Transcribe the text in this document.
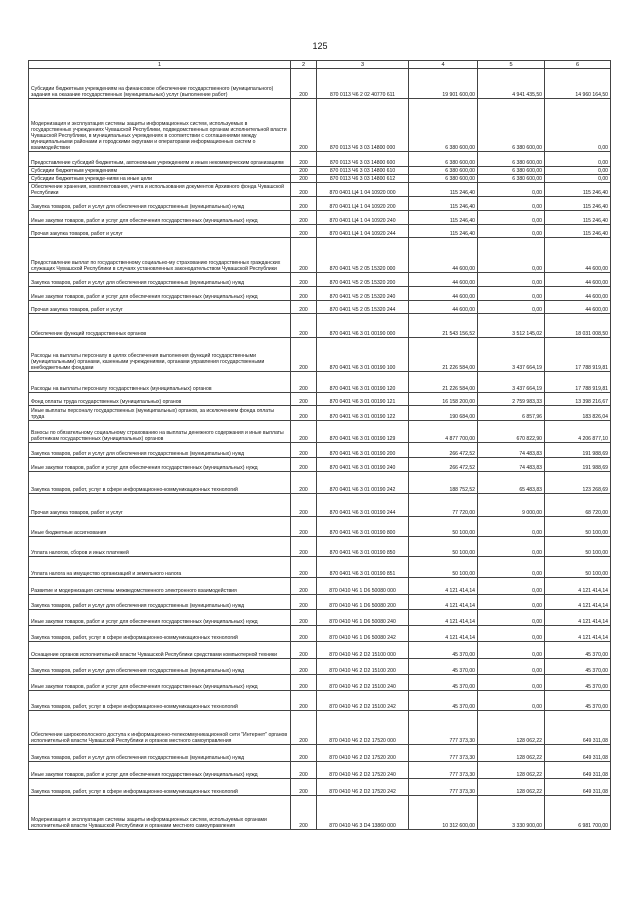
125
1	2	3	4	5	6
Субсидии бюджетным учреждениям на финансовое обеспечение государственного (муниципального) задания на оказание государственных (муниципальных) услуг (выполнение работ)	200	870 0113 Ч6 2 02 40770 611	19 901 600,00	4 941 435,50	14 960 164,50
Модернизация и эксплуатация системы защиты информационных систем, используемых в государственных учреждениях Чувашской Республики, подведомственных органам исполнительной власти Чувашской Республики, в муниципальных учреждениях в соответствии с соглашениями между муниципальными районами и городскими округами и операторами информационных систем о взаимодействии	200	870 0113 Ч6 3 03 14800 000	6 380 600,00	6 380 600,00	0,00
Предоставление субсидий бюджетным, автономным учреждениям и иным некоммерческим организациям	200	870 0113 Ч6 3 03 14800 600	6 380 600,00	6 380 600,00	0,00
Субсидии бюджетным учреждениям	200	870 0113 Ч6 3 03 14800 610	6 380 600,00	6 380 600,00	0,00
Субсидии бюджетным учрежде-ниям на иные цели	200	870 0113 Ч6 3 03 14800 612	6 380 600,00	6 380 600,00	0,00
Обеспечение хранения, комплектования, учета и использования документов Архивного фонда Чувашской Республики	200	870 0401 Ц4 1 04 10920 000	115 246,40	0,00	115 246,40
Закупка товаров, работ и услуг для обеспечения государственных (муниципальных) нужд	200	870 0401 Ц4 1 04 10920 200	115 246,40	0,00	115 246,40
Иные закупки товаров, работ и услуг для обеспечения государственных (муниципальных) нужд	200	870 0401 Ц4 1 04 10920 240	115 246,40	0,00	115 246,40
Прочая закупка товаров, работ и услуг	200	870 0401 Ц4 1 04 10920 244	115 246,40	0,00	115 246,40
Предоставление выплат по государственному социально-му страхованию государственных гражданских служащих Чувашской Республики в случаях установленных законодательством Чувашской Республики	200	870 0401 Ч5 2 05 15320 000	44 600,00	0,00	44 600,00
Закупка товаров, работ и услуг для обеспечения государственных (муниципальных) нужд	200	870 0401 Ч5 2 05 15320 200	44 600,00	0,00	44 600,00
Иные закупки товаров, работ и услуг для обеспечения государственных (муниципальных) нужд	200	870 0401 Ч5 2 05 15320 240	44 600,00	0,00	44 600,00
Прочая закупка товаров, работ и услуг	200	870 0401 Ч5 2 05 15320 244	44 600,00	0,00	44 600,00
Обеспечение функций государственных органов	200	870 0401 Ч6 3 01 00190 000	21 543 156,52	3 512 145,02	18 031 008,50
Расходы на выплаты персоналу в целях обеспечения выполнения функций государственными (муниципальными) органами, казенными учреждениями, органами управления государственными внебюджетными фондами	200	870 0401 Ч6 3 01 00190 100	21 226 584,00	3 437 664,19	17 788 919,81
Расходы на выплаты персоналу государственных (муниципальных) органов	200	870 0401 Ч6 3 01 00190 120	21 226 584,00	3 437 664,19	17 788 919,81
Фонд оплаты труда государственных (муниципальных) органов	200	870 0401 Ч6 3 01 00190 121	16 158 200,00	2 759 983,33	13 398 216,67
Иные выплаты персоналу государственных (муниципальных) органов, за исключением фонда оплаты труда	200	870 0401 Ч6 3 01 00190 122	190 684,00	6 857,96	183 826,04
Взносы по обязательному социальному страхованию на выплаты денежного содержания и иные выплаты работникам государственных (муниципальных) органов	200	870 0401 Ч6 3 01 00190 129	4 877 700,00	670 822,90	4 206 877,10
Закупка товаров, работ и услуг для обеспечения государственных (муниципальных) нужд	200	870 0401 Ч6 3 01 00190 200	266 472,52	74 483,83	191 988,69
Иные закупки товаров, работ и услуг для обеспечения государственных (муниципальных) нужд	200	870 0401 Ч6 3 01 00190 240	266 472,52	74 483,83	191 988,69
Закупка товаров, работ, услуг в сфере информационно-коммуникационных технологий	200	870 0401 Ч6 3 01 00190 242	188 752,52	65 483,83	123 268,69
Прочая закупка товаров, работ и услуг	200	870 0401 Ч6 3 01 00190 244	77 720,00	9 000,00	68 720,00
Иные бюджетные ассигнования	200	870 0401 Ч6 3 01 00190 800	50 100,00	0,00	50 100,00
Уплата налогов, сборов и иных платежей	200	870 0401 Ч6 3 01 00190 850	50 100,00	0,00	50 100,00
Уплата налога на имущество организаций и земельного налога	200	870 0401 Ч6 3 01 00190 851	50 100,00	0,00	50 100,00
Развитие и модернизация системы межведомственного электронного взаимодействия	200	870 0410 Ч6 1 D6 50080 000	4 121 414,14	0,00	4 121 414,14
Закупка товаров, работ и услуг для обеспечения государственных (муниципальных) нужд	200	870 0410 Ч6 1 D6 50080 200	4 121 414,14	0,00	4 121 414,14
Иные закупки товаров, работ и услуг для обеспечения государственных (муниципальных) нужд	200	870 0410 Ч6 1 D6 50080 240	4 121 414,14	0,00	4 121 414,14
Закупка товаров, работ, услуг в сфере информационно-коммуникационных технологий	200	870 0410 Ч6 1 D6 50080 242	4 121 414,14	0,00	4 121 414,14
Оснащение органов исполнительной власти Чувашской Республики средствами компьютерной техники	200	870 0410 Ч6 2 D2 15100 000	45 370,00	0,00	45 370,00
Закупка товаров, работ и услуг для обеспечения государственных (муниципальных) нужд	200	870 0410 Ч6 2 D2 15100 200	45 370,00	0,00	45 370,00
Иные закупки товаров, работ и услуг для обеспечения государственных (муниципальных) нужд	200	870 0410 Ч6 2 D2 15100 240	45 370,00	0,00	45 370,00
Закупка товаров, работ, услуг в сфере информационно-коммуникационных технологий	200	870 0410 Ч6 2 D2 15100 242	45 370,00	0,00	45 370,00
Обеспечение широкополосного доступа к информационно-телекоммуникационной сети "Интернет" органов исполнительной власти Чувашской Республики и органов местного самоуправления	200	870 0410 Ч6 2 D2 17520 000	777 373,30	128 062,22	649 311,08
Закупка товаров, работ и услуг для обеспечения государственных (муниципальных) нужд	200	870 0410 Ч6 2 D2 17520 200	777 373,30	128 062,22	649 311,08
Иные закупки товаров, работ и услуг для обеспечения государственных (муниципальных) нужд	200	870 0410 Ч6 2 D2 17520 240	777 373,30	128 062,22	649 311,08
Закупка товаров, работ, услуг в сфере информационно-коммуникационных технологий	200	870 0410 Ч6 2 D2 17520 242	777 373,30	128 062,22	649 311,08
Модернизация и эксплуатация системы защиты информационных систем, используемых органами исполнительной власти Чувашской Республики и органами местного самоуправления	200	870 0410 Ч6 3 D4 13860 000	10 312 600,00	3 330 900,00	6 981 700,00
